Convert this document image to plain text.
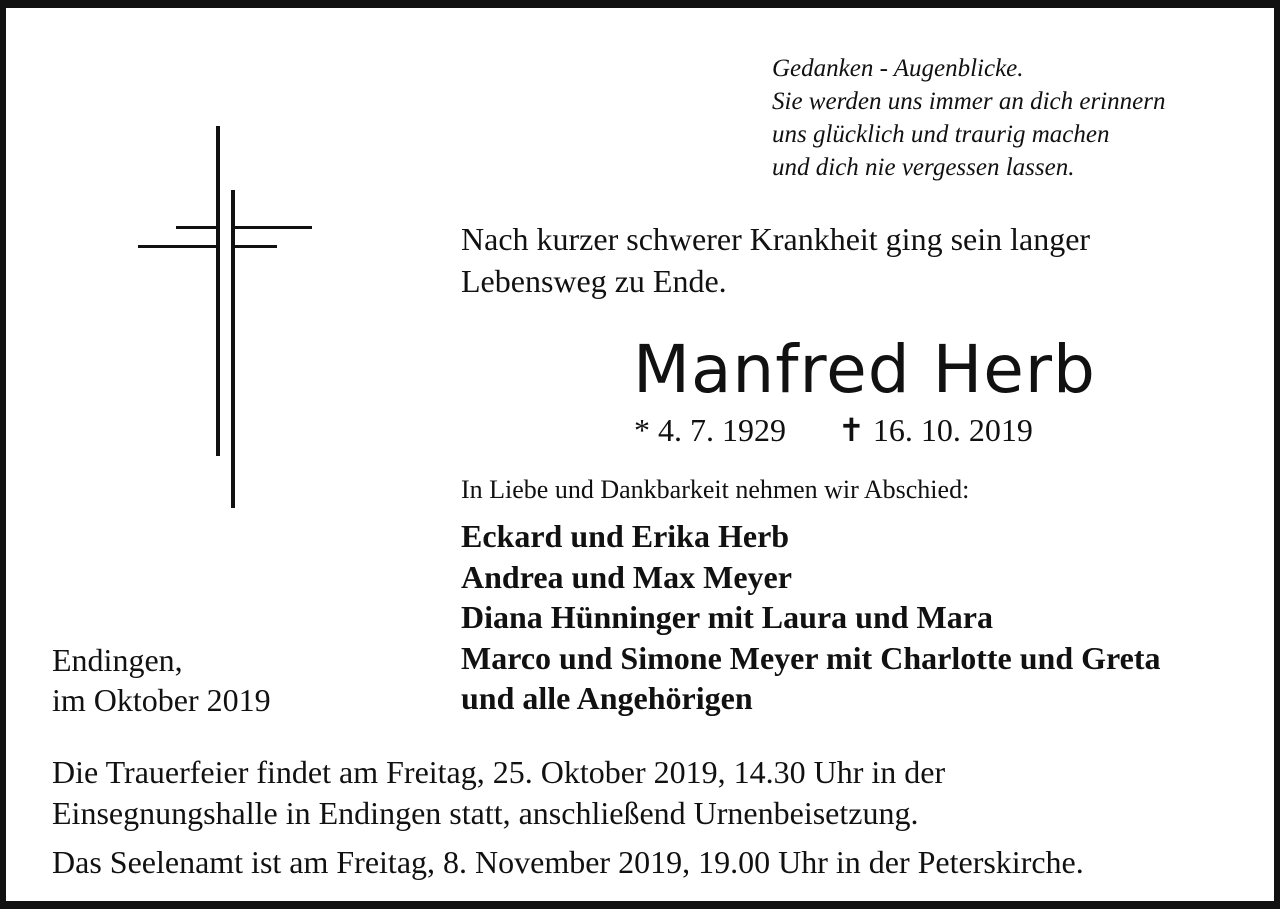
Gedanken - Augenblicke.
Sie werden uns immer an dich erinnern
uns glücklich und traurig machen
und dich nie vergessen lassen.
Nach kurzer schwerer Krankheit ging sein langer
Lebensweg zu Ende.
Manfred Herb
* 4. 7. 1929 ✝ 16. 10. 2019
In Liebe und Dankbarkeit nehmen wir Abschied:
Eckard und Erika Herb
Andrea und Max Meyer
Diana Hünninger mit Laura und Mara
Marco und Simone Meyer mit Charlotte und Greta
und alle Angehörigen
Endingen,
im Oktober 2019
Die Trauerfeier findet am Freitag, 25. Oktober 2019, 14.30 Uhr in der
Einsegnungshalle in Endingen statt, anschließend Urnenbeisetzung.
Das Seelenamt ist am Freitag, 8. November 2019, 19.00 Uhr in der Peterskirche.
